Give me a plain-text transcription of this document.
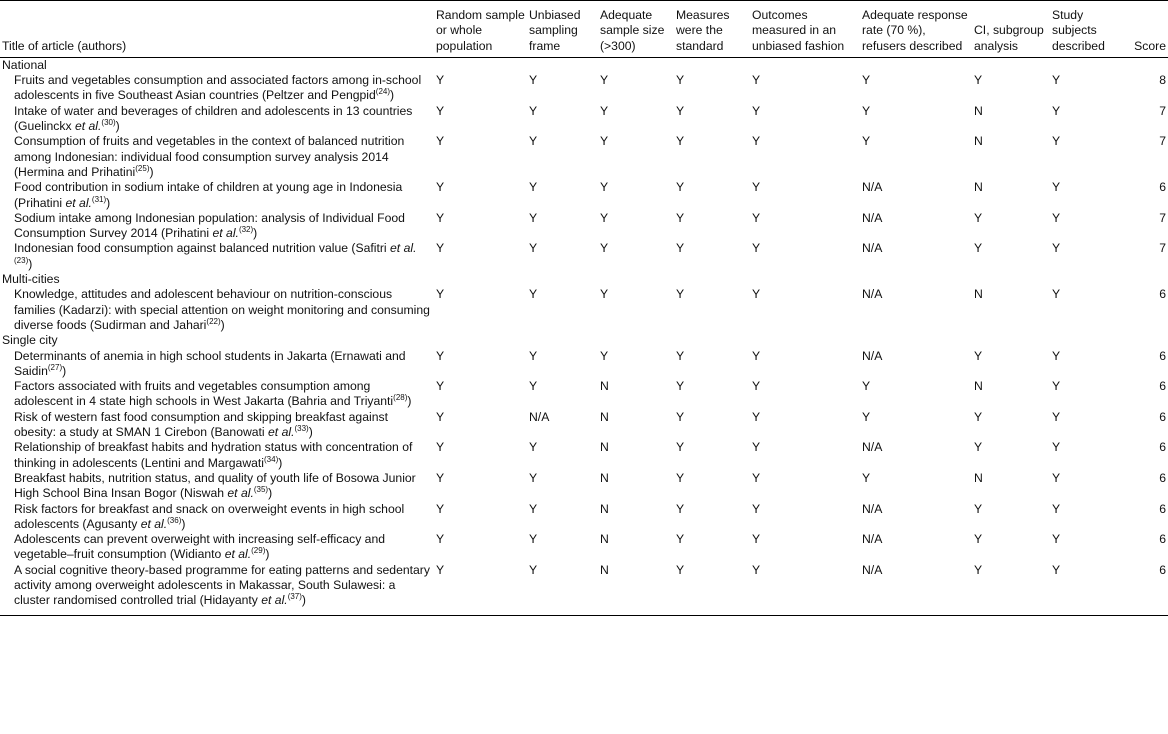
Title of article (authors)	Random sample or whole population	Unbiased sampling frame	Adequate sample size (>300)	Measures were the standard	Outcomes measured in an unbiased fashion	Adequate response rate (70 %), refusers described	CI, subgroup analysis	Study subjects described	Score
National									
Fruits and vegetables consumption and associated factors among in-school adolescents in five Southeast Asian countries (Peltzer and Pengpid$^{(24)}$)	Y	Y	Y	Y	Y	Y	Y	Y	8
Intake of water and beverages of children and adolescents in 13 countries (Guelinckx et al.$^{(30)}$)	Y	Y	Y	Y	Y	Y	N	Y	7
Consumption of fruits and vegetables in the context of balanced nutrition among Indonesian: individual food consumption survey analysis 2014 (Hermina and Prihatini$^{(25)}$)	Y	Y	Y	Y	Y	Y	N	Y	7
Food contribution in sodium intake of children at young age in Indonesia (Prihatini et al.$^{(31)}$)	Y	Y	Y	Y	Y	N/A	N	Y	6
Sodium intake among Indonesian population: analysis of Individual Food Consumption Survey 2014 (Prihatini et al.$^{(32)}$)	Y	Y	Y	Y	Y	N/A	Y	Y	7
Indonesian food consumption against balanced nutrition value (Safitri et al.$^{(23)}$)	Y	Y	Y	Y	Y	N/A	Y	Y	7
Multi-cities									
Knowledge, attitudes and adolescent behaviour on nutrition-conscious families (Kadarzi): with special attention on weight monitoring and consuming diverse foods (Sudirman and Jahari$^{(22)}$)	Y	Y	Y	Y	Y	N/A	N	Y	6
Single city									
Determinants of anemia in high school students in Jakarta (Ernawati and Saidin$^{(27)}$)	Y	Y	Y	Y	Y	N/A	Y	Y	6
Factors associated with fruits and vegetables consumption among adolescent in 4 state high schools in West Jakarta (Bahria and Triyanti$^{(28)}$)	Y	Y	N	Y	Y	Y	N	Y	6
Risk of western fast food consumption and skipping breakfast against obesity: a study at SMAN 1 Cirebon (Banowati et al.$^{(33)}$)	Y	N/A	N	Y	Y	Y	Y	Y	6
Relationship of breakfast habits and hydration status with concentration of thinking in adolescents (Lentini and Margawati$^{(34)}$)	Y	Y	N	Y	Y	N/A	Y	Y	6
Breakfast habits, nutrition status, and quality of youth life of Bosowa Junior High School Bina Insan Bogor (Niswah et al.$^{(35)}$)	Y	Y	N	Y	Y	Y	N	Y	6
Risk factors for breakfast and snack on overweight events in high school adolescents (Agusanty et al.$^{(36)}$)	Y	Y	N	Y	Y	N/A	Y	Y	6
Adolescents can prevent overweight with increasing self-efficacy and vegetable–fruit consumption (Widianto et al.$^{(29)}$)	Y	Y	N	Y	Y	N/A	Y	Y	6
A social cognitive theory-based programme for eating patterns and sedentary activity among overweight adolescents in Makassar, South Sulawesi: a cluster randomised controlled trial (Hidayanty et al.$^{(37)}$)	Y	Y	N	Y	Y	N/A	Y	Y	6
